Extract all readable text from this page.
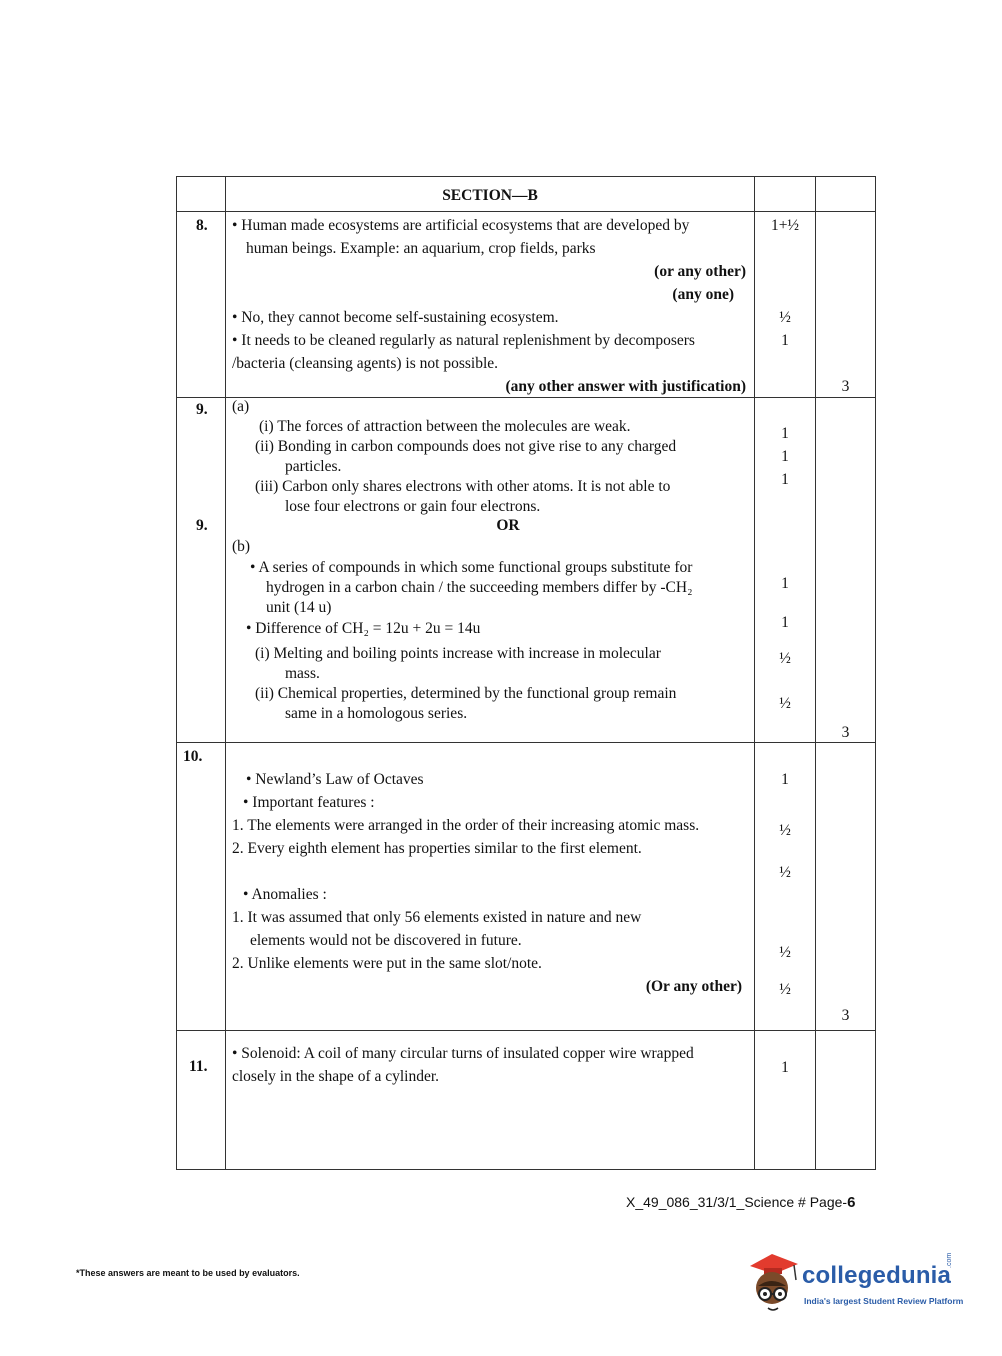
SECTION—B
8. • Human made ecosystems are artificial ecosystems that are developed by
human beings. Example: an aquarium, crop fields, parks
(or any other)
(any one)
• No, they cannot become self-sustaining ecosystem.
• It needs to be cleaned regularly as natural replenishment by decomposers
/bacteria (cleansing agents) is not possible.
(any other answer with justification)
1+½
½
1
3
9. (a)
(i) The forces of attraction between the molecules are weak.
(ii) Bonding in carbon compounds does not give rise to any charged
particles.
(iii) Carbon only shares electrons with other atoms. It is not able to
lose four electrons or gain four electrons.
1
1
1
9.	OR
(b)
• A series of compounds in which some functional groups substitute for
hydrogen in a carbon chain / the succeeding members differ by -CH₂
unit (14 u)
• Difference of CH₂ = 12u + 2u = 14u
(i) Melting and boiling points increase with increase in molecular
mass.
(ii) Chemical properties, determined by the functional group remain
same in a homologous series.
1
1
½
½
3
10.
• Newland’s Law of Octaves
• Important features :
1. The elements were arranged in the order of their increasing atomic mass.
2. Every eighth element has properties similar to the first element.
• Anomalies :
1. It was assumed that only 56 elements existed in nature and new
elements would not be discovered in future.
2. Unlike elements were put in the same slot/note.
(Or any other)
1
½
½
½
½
3
11.
• Solenoid: A coil of many circular turns of insulated copper wire wrapped
closely in the shape of a cylinder.
1
X_49_086_31/3/1_Science # Page-6
*These answers are meant to be used by evaluators.	collegedunia
.com
India's largest Student Review Platform
